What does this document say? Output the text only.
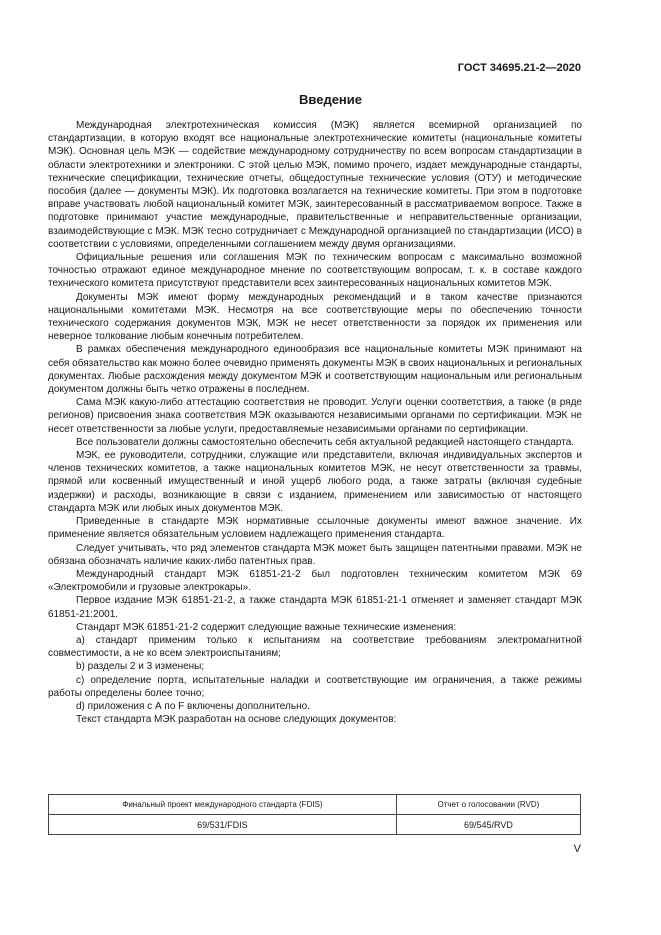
ГОСТ 34695.21-2—2020
Введение

Международная электротехническая комиссия (МЭК) является всемирной организацией по стандартизации, в которую входят все национальные электротехнические комитеты (национальные комитеты МЭК). Основная цель МЭК — содействие международному сотрудничеству по всем вопросам стандартизации в области электротехники и электроники. С этой целью МЭК, помимо прочего, издает международные стандарты, технические спецификации, технические отчеты, общедоступные технические условия (ОТУ) и методические пособия (далее — документы МЭК). Их подготовка возлагается на технические комитеты. При этом в подготовке вправе участвовать любой национальный комитет МЭК, заинтересованный в рассматриваемом вопросе. Также в подготовке принимают участие международные, правительственные и неправительственные организации, взаимодействующие с МЭК. МЭК тесно сотрудничает с Международной организацией по стандартизации (ИСО) в соответствии с условиями, определенными соглашением между двумя организациями.

Официальные решения или соглашения МЭК по техническим вопросам с максимально возможной точностью отражают единое международное мнение по соответствующим вопросам, т. к. в составе каждого технического комитета присутствуют представители всех заинтересованных национальных комитетов МЭК.

Документы МЭК имеют форму международных рекомендаций и в таком качестве признаются национальными комитетами МЭК. Несмотря на все соответствующие меры по обеспечению точности технического содержания документов МЭК, МЭК не несет ответственности за порядок их применения или неверное толкование любым конечным потребителем.

В рамках обеспечения международного единообразия все национальные комитеты МЭК принимают на себя обязательство как можно более очевидно применять документы МЭК в своих национальных и региональных документах. Любые расхождения между документом МЭК и соответствующим национальным или региональным документом должны быть четко отражены в последнем.

Сама МЭК какую-либо аттестацию соответствия не проводит. Услуги оценки соответствия, а также (в ряде регионов) присвоения знака соответствия МЭК оказываются независимыми органами по сертификации. МЭК не несет ответственности за любые услуги, предоставляемые независимыми органами по сертификации.

Все пользователи должны самостоятельно обеспечить себя актуальной редакцией настоящего стандарта.

МЭК, ее руководители, сотрудники, служащие или представители, включая индивидуальных экспертов и членов технических комитетов, а также национальных комитетов МЭК, не несут ответственности за травмы, прямой или косвенный имущественный и иной ущерб любого рода, а также затраты (включая судебные издержки) и расходы, возникающие в связи с изданием, применением или зависимостью от настоящего стандарта МЭК или любых иных документов МЭК.

Приведенные в стандарте МЭК нормативные ссылочные документы имеют важное значение. Их применение является обязательным условием надлежащего применения стандарта.

Следует учитывать, что ряд элементов стандарта МЭК может быть защищен патентными правами. МЭК не обязана обозначать наличие каких-либо патентных прав.

Международный стандарт МЭК 61851-21-2 был подготовлен техническим комитетом МЭК 69 «Электромобили и грузовые электрокары».

Первое издание МЭК 61851-21-2, а также стандарта МЭК 61851-21-1 отменяет и заменяет стандарт МЭК 61851-21:2001.

Стандарт МЭК 61851-21-2 содержит следующие важные технические изменения:

a) стандарт применим только к испытаниям на соответствие требованиям электромагнитной совместимости, а не ко всем электроиспытаниям;

b) разделы 2 и 3 изменены;

c) определение порта, испытательные наладки и соответствующие им ограничения, а также режимы работы определены более точно;

d) приложения с А по F включены дополнительно.

Текст стандарта МЭК разработан на основе следующих документов:

Финальный проект международного стандарта (FDIS)	Отчет о голосовании (RVD)
69/531/FDIS	69/545/RVD
V
